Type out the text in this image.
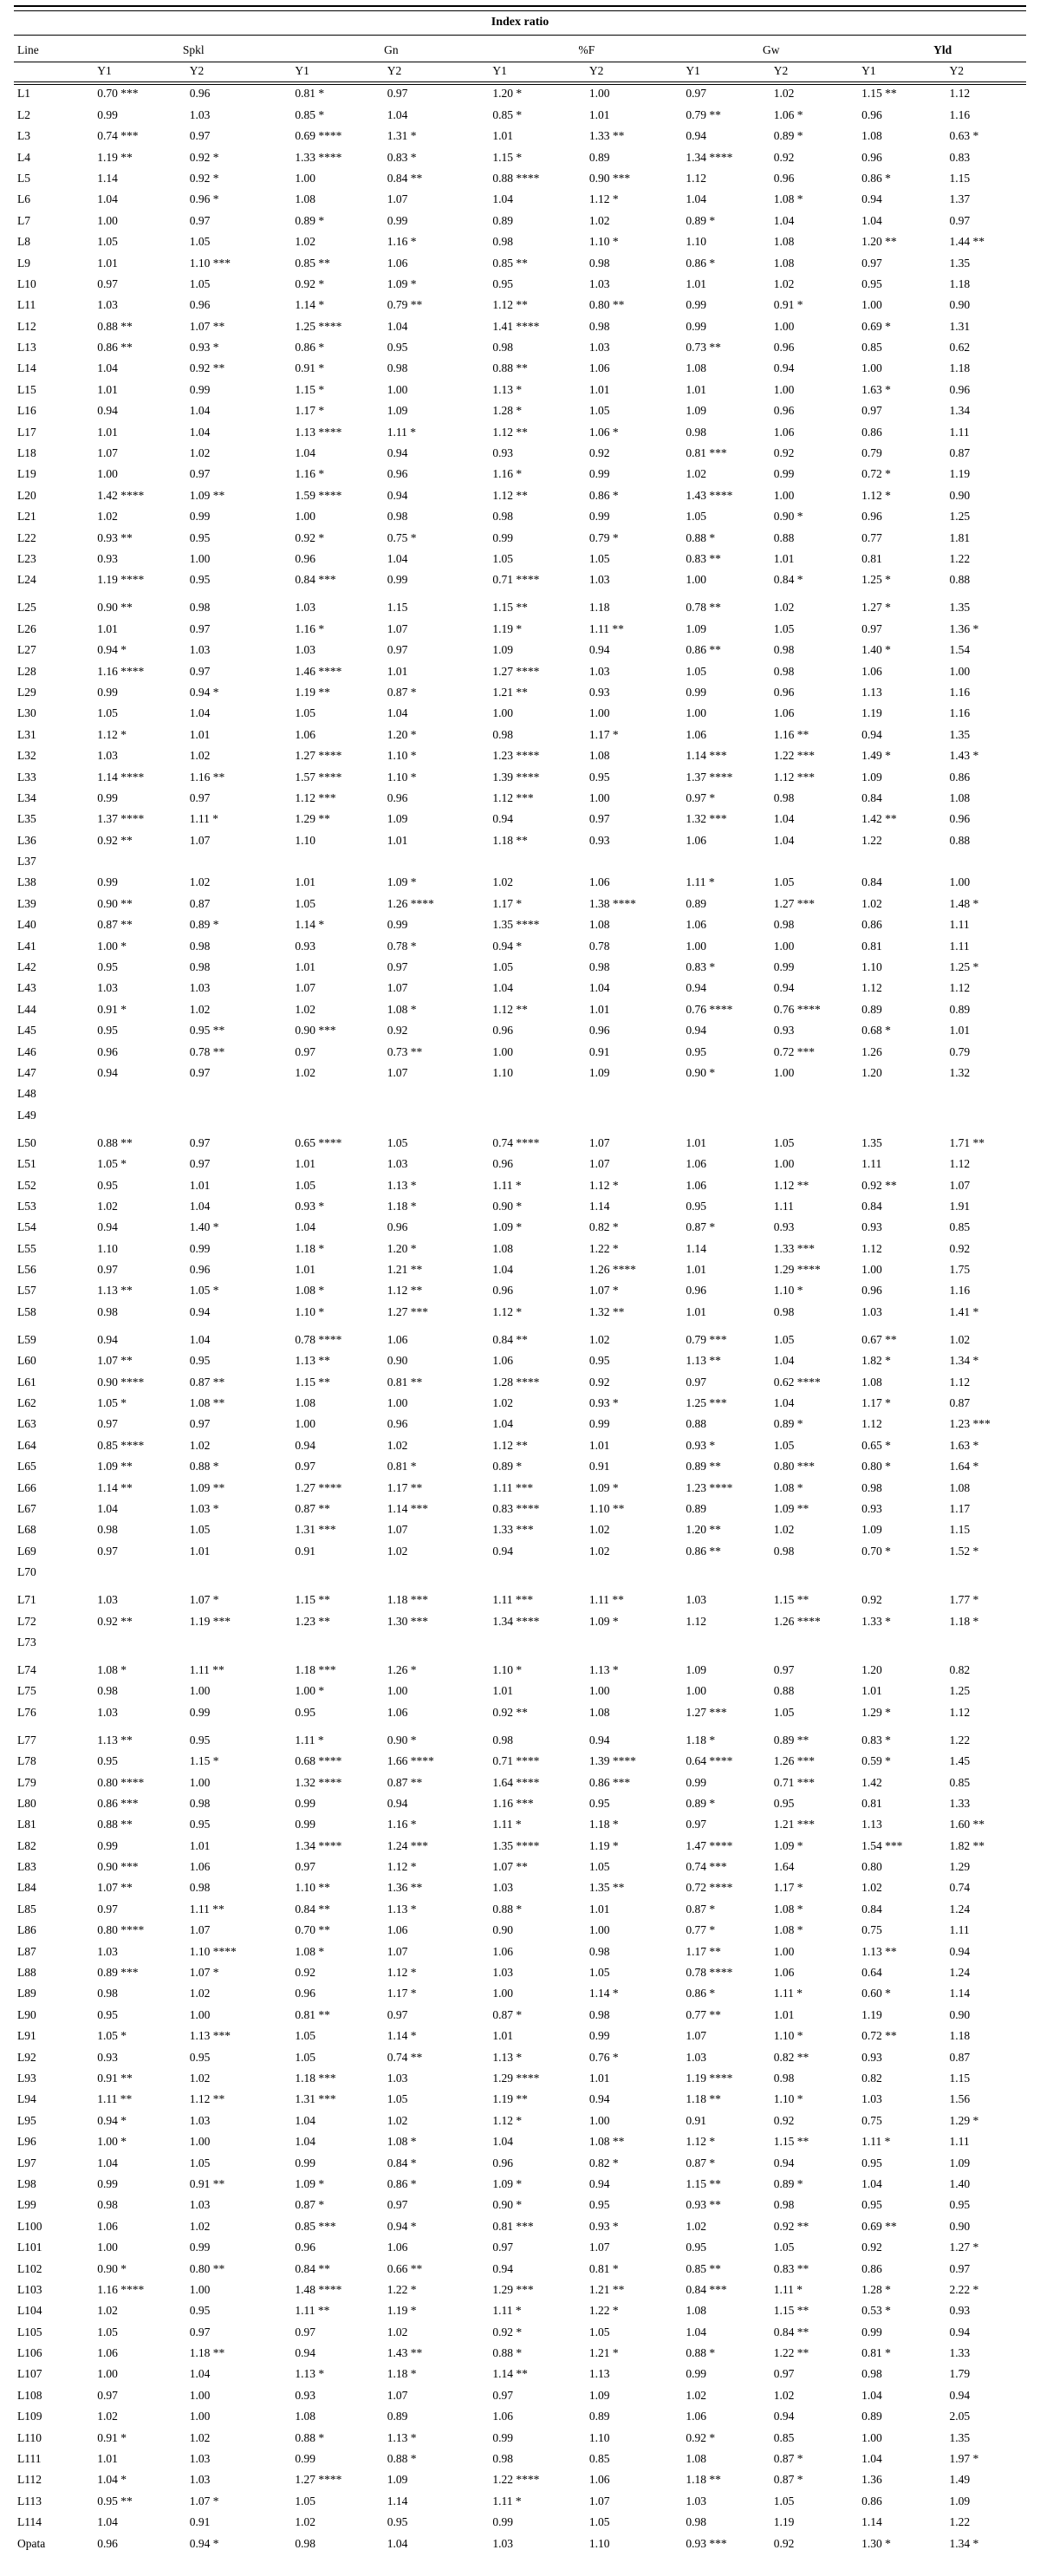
Index ratio										
Line	Spkl		Gn		%F		Gw		Yld	
	Y1	Y2	Y1	Y2	Y1	Y2	Y1	Y2	Y1	Y2
L1	0.70 ***	0.96	0.81 *	0.97	1.20 *	1.00	0.97	1.02	1.15 **	1.12
L2	0.99	1.03	0.85 *	1.04	0.85 *	1.01	0.79 **	1.06 *	0.96	1.16
L3	0.74 ***	0.97	0.69 ****	1.31 *	1.01	1.33 **	0.94	0.89 *	1.08	0.63 *
L4	1.19 **	0.92 *	1.33 ****	0.83 *	1.15 *	0.89	1.34 ****	0.92	0.96	0.83
L5	1.14	0.92 *	1.00	0.84 **	0.88 ****	0.90 ***	1.12	0.96	0.86 *	1.15
L6	1.04	0.96 *	1.08	1.07	1.04	1.12 *	1.04	1.08 *	0.94	1.37
L7	1.00	0.97	0.89 *	0.99	0.89	1.02	0.89 *	1.04	1.04	0.97
L8	1.05	1.05	1.02	1.16 *	0.98	1.10 *	1.10	1.08	1.20 **	1.44 **
L9	1.01	1.10 ***	0.85 **	1.06	0.85 **	0.98	0.86 *	1.08	0.97	1.35
L10	0.97	1.05	0.92 *	1.09 *	0.95	1.03	1.01	1.02	0.95	1.18
L11	1.03	0.96	1.14 *	0.79 **	1.12 **	0.80 **	0.99	0.91 *	1.00	0.90
L12	0.88 **	1.07 **	1.25 ****	1.04	1.41 ****	0.98	0.99	1.00	0.69 *	1.31
L13	0.86 **	0.93 *	0.86 *	0.95	0.98	1.03	0.73 **	0.96	0.85	0.62
L14	1.04	0.92 **	0.91 *	0.98	0.88 **	1.06	1.08	0.94	1.00	1.18
L15	1.01	0.99	1.15 *	1.00	1.13 *	1.01	1.01	1.00	1.63 *	0.96
L16	0.94	1.04	1.17 *	1.09	1.28 *	1.05	1.09	0.96	0.97	1.34
L17	1.01	1.04	1.13 ****	1.11 *	1.12 **	1.06 *	0.98	1.06	0.86	1.11
L18	1.07	1.02	1.04	0.94	0.93	0.92	0.81 ***	0.92	0.79	0.87
L19	1.00	0.97	1.16 *	0.96	1.16 *	0.99	1.02	0.99	0.72 *	1.19
L20	1.42 ****	1.09 **	1.59 ****	0.94	1.12 **	0.86 *	1.43 ****	1.00	1.12 *	0.90
L21	1.02	0.99	1.00	0.98	0.98	0.99	1.05	0.90 *	0.96	1.25
L22	0.93 **	0.95	0.92 *	0.75 *	0.99	0.79 *	0.88 *	0.88	0.77	1.81
L23	0.93	1.00	0.96	1.04	1.05	1.05	0.83 **	1.01	0.81	1.22
L24	1.19 ****	0.95	0.84 ***	0.99	0.71 ****	1.03	1.00	0.84 *	1.25 *	0.88
L25	0.90 **	0.98	1.03	1.15	1.15 **	1.18	0.78 **	1.02	1.27 *	1.35
L26	1.01	0.97	1.16 *	1.07	1.19 *	1.11 **	1.09	1.05	0.97	1.36 *
L27	0.94 *	1.03	1.03	0.97	1.09	0.94	0.86 **	0.98	1.40 *	1.54
L28	1.16 ****	0.97	1.46 ****	1.01	1.27 ****	1.03	1.05	0.98	1.06	1.00
L29	0.99	0.94 *	1.19 **	0.87 *	1.21 **	0.93	0.99	0.96	1.13	1.16
L30	1.05	1.04	1.05	1.04	1.00	1.00	1.00	1.06	1.19	1.16
L31	1.12 *	1.01	1.06	1.20 *	0.98	1.17 *	1.06	1.16 **	0.94	1.35
L32	1.03	1.02	1.27 ****	1.10 *	1.23 ****	1.08	1.14 ***	1.22 ***	1.49 *	1.43 *
L33	1.14 ****	1.16 **	1.57 ****	1.10 *	1.39 ****	0.95	1.37 ****	1.12 ***	1.09	0.86
L34	0.99	0.97	1.12 ***	0.96	1.12 ***	1.00	0.97 *	0.98	0.84	1.08
L35	1.37 ****	1.11 *	1.29 **	1.09	0.94	0.97	1.32 ***	1.04	1.42 **	0.96
L36	0.92 **	1.07	1.10	1.01	1.18 **	0.93	1.06	1.04	1.22	0.88
L37										
L38	0.99	1.02	1.01	1.09 *	1.02	1.06	1.11 *	1.05	0.84	1.00
L39	0.90 **	0.87	1.05	1.26 ****	1.17 *	1.38 ****	0.89	1.27 ***	1.02	1.48 *
L40	0.87 **	0.89 *	1.14 *	0.99	1.35 ****	1.08	1.06	0.98	0.86	1.11
L41	1.00 *	0.98	0.93	0.78 *	0.94 *	0.78	1.00	1.00	0.81	1.11
L42	0.95	0.98	1.01	0.97	1.05	0.98	0.83 *	0.99	1.10	1.25 *
L43	1.03	1.03	1.07	1.07	1.04	1.04	0.94	0.94	1.12	1.12
L44	0.91 *	1.02	1.02	1.08 *	1.12 **	1.01	0.76 ****	0.76 ****	0.89	0.89
L45	0.95	0.95 **	0.90 ***	0.92	0.96	0.96	0.94	0.93	0.68 *	1.01
L46	0.96	0.78 **	0.97	0.73 **	1.00	0.91	0.95	0.72 ***	1.26	0.79
L47	0.94	0.97	1.02	1.07	1.10	1.09	0.90 *	1.00	1.20	1.32
L48										
L49										
L50	0.88 **	0.97	0.65 ****	1.05	0.74 ****	1.07	1.01	1.05	1.35	1.71 **
L51	1.05 *	0.97	1.01	1.03	0.96	1.07	1.06	1.00	1.11	1.12
L52	0.95	1.01	1.05	1.13 *	1.11 *	1.12 *	1.06	1.12 **	0.92 **	1.07
L53	1.02	1.04	0.93 *	1.18 *	0.90 *	1.14	0.95	1.11	0.84	1.91
L54	0.94	1.40 *	1.04	0.96	1.09 *	0.82 *	0.87 *	0.93	0.93	0.85
L55	1.10	0.99	1.18 *	1.20 *	1.08	1.22 *	1.14	1.33 ***	1.12	0.92
L56	0.97	0.96	1.01	1.21 **	1.04	1.26 ****	1.01	1.29 ****	1.00	1.75
L57	1.13 **	1.05 *	1.08 *	1.12 **	0.96	1.07 *	0.96	1.10 *	0.96	1.16
L58	0.98	0.94	1.10 *	1.27 ***	1.12 *	1.32 **	1.01	0.98	1.03	1.41 *
L59	0.94	1.04	0.78 ****	1.06	0.84 **	1.02	0.79 ***	1.05	0.67 **	1.02
L60	1.07 **	0.95	1.13 **	0.90	1.06	0.95	1.13 **	1.04	1.82 *	1.34 *
L61	0.90 ****	0.87 **	1.15 **	0.81 **	1.28 ****	0.92	0.97	0.62 ****	1.08	1.12
L62	1.05 *	1.08 **	1.08	1.00	1.02	0.93 *	1.25 ***	1.04	1.17 *	0.87
L63	0.97	0.97	1.00	0.96	1.04	0.99	0.88	0.89 *	1.12	1.23 ***
L64	0.85 ****	1.02	0.94	1.02	1.12 **	1.01	0.93 *	1.05	0.65 *	1.63 *
L65	1.09 **	0.88 *	0.97	0.81 *	0.89 *	0.91	0.89 **	0.80 ***	0.80 *	1.64 *
L66	1.14 **	1.09 **	1.27 ****	1.17 **	1.11 ***	1.09 *	1.23 ****	1.08 *	0.98	1.08
L67	1.04	1.03 *	0.87 **	1.14 ***	0.83 ****	1.10 **	0.89	1.09 **	0.93	1.17
L68	0.98	1.05	1.31 ***	1.07	1.33 ***	1.02	1.20 **	1.02	1.09	1.15
L69	0.97	1.01	0.91	1.02	0.94	1.02	0.86 **	0.98	0.70 *	1.52 *
L70										
L71	1.03	1.07 *	1.15 **	1.18 ***	1.11 ***	1.11 **	1.03	1.15 **	0.92	1.77 *
L72	0.92 **	1.19 ***	1.23 **	1.30 ***	1.34 ****	1.09 *	1.12	1.26 ****	1.33 *	1.18 *
L73										
L74	1.08 *	1.11 **	1.18 ***	1.26 *	1.10 *	1.13 *	1.09	0.97	1.20	0.82
L75	0.98	1.00	1.00 *	1.00	1.01	1.00	1.00	0.88	1.01	1.25
L76	1.03	0.99	0.95	1.06	0.92 **	1.08	1.27 ***	1.05	1.29 *	1.12
L77	1.13 **	0.95	1.11 *	0.90 *	0.98	0.94	1.18 *	0.89 **	0.83 *	1.22
L78	0.95	1.15 *	0.68 ****	1.66 ****	0.71 ****	1.39 ****	0.64 ****	1.26 ***	0.59 *	1.45
L79	0.80 ****	1.00	1.32 ****	0.87 **	1.64 ****	0.86 ***	0.99	0.71 ***	1.42	0.85
L80	0.86 ***	0.98	0.99	0.94	1.16 ***	0.95	0.89 *	0.95	0.81	1.33
L81	0.88 **	0.95	0.99	1.16 *	1.11 *	1.18 *	0.97	1.21 ***	1.13	1.60 **
L82	0.99	1.01	1.34 ****	1.24 ***	1.35 ****	1.19 *	1.47 ****	1.09 *	1.54 ***	1.82 **
L83	0.90 ***	1.06	0.97	1.12 *	1.07 **	1.05	0.74 ***	1.64	0.80	1.29
L84	1.07 **	0.98	1.10 **	1.36 **	1.03	1.35 **	0.72 ****	1.17 *	1.02	0.74
L85	0.97	1.11 **	0.84 **	1.13 *	0.88 *	1.01	0.87 *	1.08 *	0.84	1.24
L86	0.80 ****	1.07	0.70 **	1.06	0.90	1.00	0.77 *	1.08 *	0.75	1.11
L87	1.03	1.10 ****	1.08 *	1.07	1.06	0.98	1.17 **	1.00	1.13 **	0.94
L88	0.89 ***	1.07 *	0.92	1.12 *	1.03	1.05	0.78 ****	1.06	0.64	1.24
L89	0.98	1.02	0.96	1.17 *	1.00	1.14 *	0.86 *	1.11 *	0.60 *	1.14
L90	0.95	1.00	0.81 **	0.97	0.87 *	0.98	0.77 **	1.01	1.19	0.90
L91	1.05 *	1.13 ***	1.05	1.14 *	1.01	0.99	1.07	1.10 *	0.72 **	1.18
L92	0.93	0.95	1.05	0.74 **	1.13 *	0.76 *	1.03	0.82 **	0.93	0.87
L93	0.91 **	1.02	1.18 ***	1.03	1.29 ****	1.01	1.19 ****	0.98	0.82	1.15
L94	1.11 **	1.12 **	1.31 ***	1.05	1.19 **	0.94	1.18 **	1.10 *	1.03	1.56
L95	0.94 *	1.03	1.04	1.02	1.12 *	1.00	0.91	0.92	0.75	1.29 *
L96	1.00 *	1.00	1.04	1.08 *	1.04	1.08 **	1.12 *	1.15 **	1.11 *	1.11
L97	1.04	1.05	0.99	0.84 *	0.96	0.82 *	0.87 *	0.94	0.95	1.09
L98	0.99	0.91 **	1.09 *	0.86 *	1.09 *	0.94	1.15 **	0.89 *	1.04	1.40
L99	0.98	1.03	0.87 *	0.97	0.90 *	0.95	0.93 **	0.98	0.95	0.95
L100	1.06	1.02	0.85 ***	0.94 *	0.81 ***	0.93 *	1.02	0.92 **	0.69 **	0.90
L101	1.00	0.99	0.96	1.06	0.97	1.07	0.95	1.05	0.92	1.27 *
L102	0.90 *	0.80 **	0.84 **	0.66 **	0.94	0.81 *	0.85 **	0.83 **	0.86	0.97
L103	1.16 ****	1.00	1.48 ****	1.22 *	1.29 ***	1.21 **	0.84 ***	1.11 *	1.28 *	2.22 *
L104	1.02	0.95	1.11 **	1.19 *	1.11 *	1.22 *	1.08	1.15 **	0.53 *	0.93
L105	1.05	0.97	0.97	1.02	0.92 *	1.05	1.04	0.84 **	0.99	0.94
L106	1.06	1.18 **	0.94	1.43 **	0.88 *	1.21 *	0.88 *	1.22 **	0.81 *	1.33
L107	1.00	1.04	1.13 *	1.18 *	1.14 **	1.13	0.99	0.97	0.98	1.79
L108	0.97	1.00	0.93	1.07	0.97	1.09	1.02	1.02	1.04	0.94
L109	1.02	1.00	1.08	0.89	1.06	0.89	1.06	0.94	0.89	2.05
L110	0.91 *	1.02	0.88 *	1.13 *	0.99	1.10	0.92 *	0.85	1.00	1.35
L111	1.01	1.03	0.99	0.88 *	0.98	0.85	1.08	0.87 *	1.04	1.97 *
L112	1.04 *	1.03	1.27 ****	1.09	1.22 ****	1.06	1.18 **	0.87 *	1.36	1.49
L113	0.95 **	1.07 *	1.05	1.14	1.11 *	1.07	1.03	1.05	0.86	1.09
L114	1.04	0.91	1.02	0.95	0.99	1.05	0.98	1.19	1.14	1.22
Opata	0.96	0.94 *	0.98	1.04	1.03	1.10	0.93 ***	0.92	1.30 *	1.34 *
